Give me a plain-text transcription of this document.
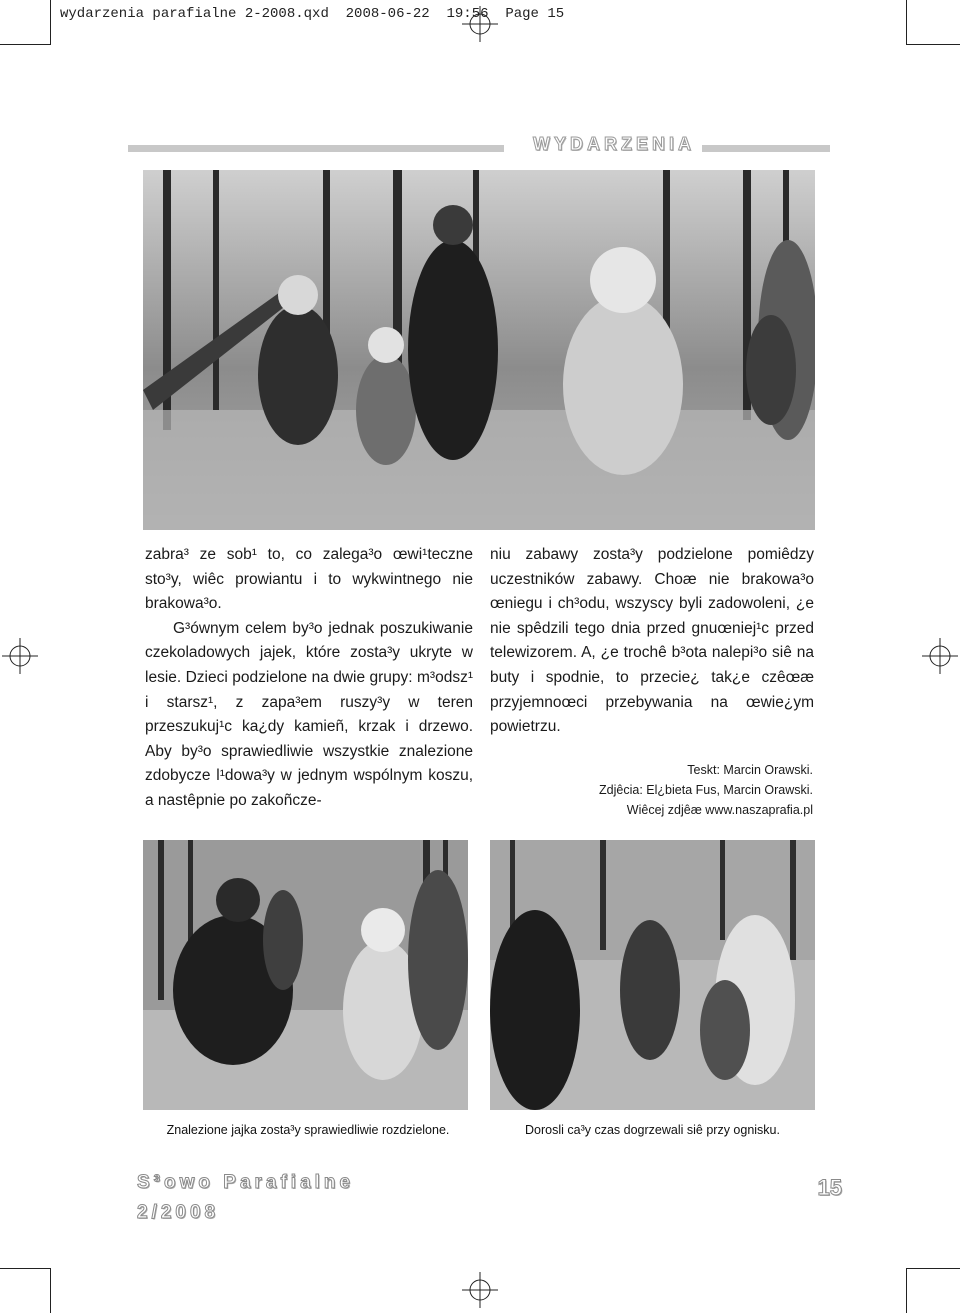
wydarzenia parafialne 2-2008.qxd 2008-06-22 19:56 Page 15
WYDARZENIA

zabra³ ze sob¹ to, co zalega³o œwi¹teczne sto³y, wiêc prowiantu i to wykwintnego nie brakowa³o.

G³ównym celem by³o jednak poszukiwanie czekoladowych jajek, które zosta³y ukryte w lesie. Dzieci podzielone na dwie grupy: m³odsz¹ i starsz¹, z zapa³em ruszy³y w teren przeszukuj¹c ka¿dy kamieñ, krzak i drzewo. Aby by³o sprawiedliwie wszystkie znalezione zdobycze l¹dowa³y w jednym wspólnym koszu, a nastêpnie po zakoñcze-

niu zabawy zosta³y podzielone pomiêdzy uczestników zabawy. Choæ nie brakowa³o œniegu i ch³odu, wszyscy byli zadowoleni, ¿e nie spêdzili tego dnia przed gnuœniej¹c przed telewizorem. A, ¿e trochê b³ota nalepi³o siê na buty i spodnie, to przecie¿ tak¿e czêœæ przyjemnoœci przebywania na œwie¿ym powietrzu.

Teskt: Marcin Orawski.
Zdjêcia: El¿bieta Fus, Marcin Orawski.
Wiêcej zdjêæ www.naszaprafia.pl
Znalezione jajka zosta³y sprawiedliwie rozdzielone.	Dorosli ca³y czas dogrzewali siê przy ognisku.
S³owo Parafialne
2/2008
15
